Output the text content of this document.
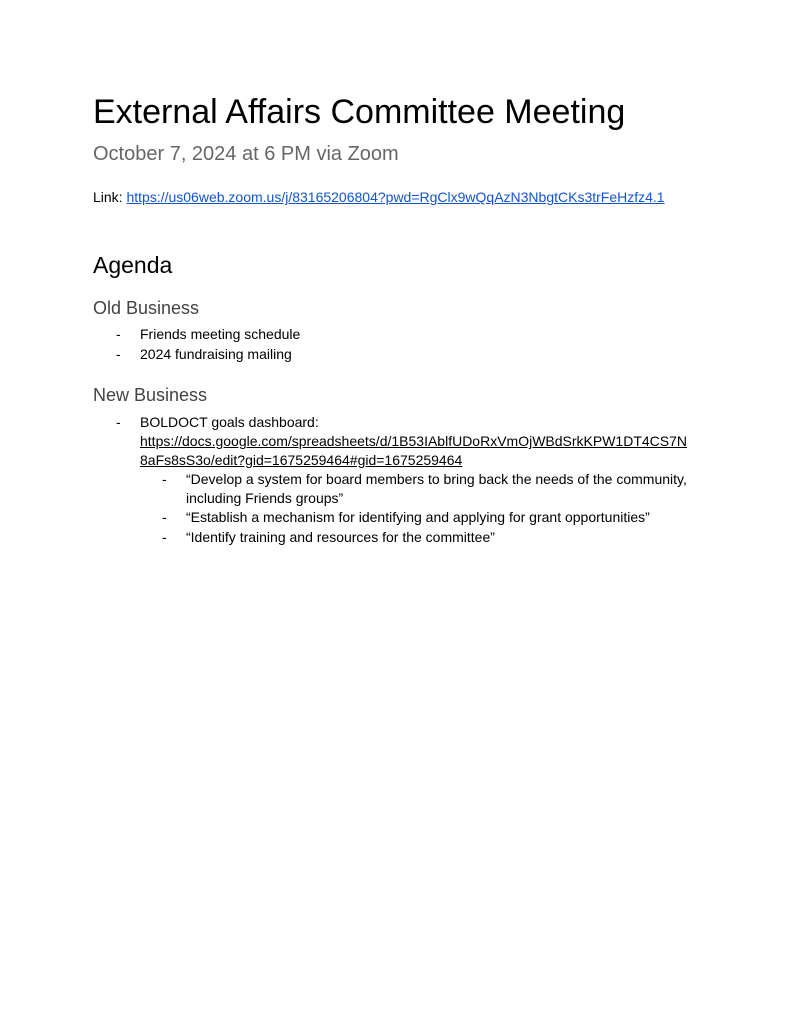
External Affairs Committee Meeting
October 7, 2024 at 6 PM via Zoom
Link: https://us06web.zoom.us/j/83165206804?pwd=RgClx9wQqAzN3NbgtCKs3trFeHzfz4.1
Agenda
Old Business
- Friends meeting schedule
- 2024 fundraising mailing
New Business
- BOLDOCT goals dashboard:
https://docs.google.com/spreadsheets/d/1B53IAblfUDoRxVmOjWBdSrkKPW1DT4CS7N
8aFs8sS3o/edit?gid=1675259464#gid=1675259464
- “Develop a system for board members to bring back the needs of the community,
including Friends groups”
- “Establish a mechanism for identifying and applying for grant opportunities”
- “Identify training and resources for the committee”
